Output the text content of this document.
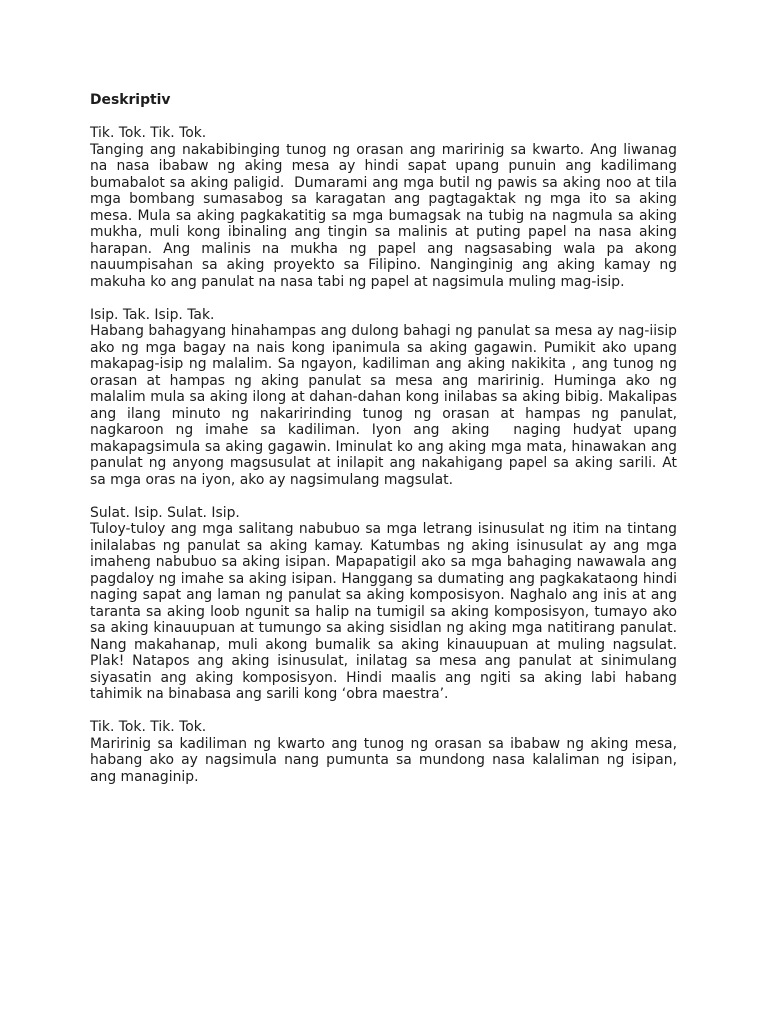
Deskriptiv
Tik. Tok. Tik. Tok.
Tanging ang nakabibinging tunog ng orasan ang maririnig sa kwarto. Ang liwanag na nasa ibabaw ng aking mesa ay hindi sapat upang punuin ang kadilimang bumabalot sa aking paligid.  Dumarami ang mga butil ng pawis sa aking noo at tila mga bombang sumasabog sa karagatan ang pagtagaktak ng mga ito sa aking mesa. Mula sa aking pagkakatitig sa mga bumagsak na tubig na nagmula sa aking mukha, muli kong ibinaling ang tingin sa malinis at puting papel na nasa aking harapan. Ang malinis na mukha ng papel ang nagsasabing wala pa akong nauumpisahan sa aking proyekto sa Filipino. Nanginginig ang aking kamay ng makuha ko ang panulat na nasa tabi ng papel at nagsimula muling mag-isip.
Isip. Tak. Isip. Tak.
Habang bahagyang hinahampas ang dulong bahagi ng panulat sa mesa ay nag-iisip ako ng mga bagay na nais kong ipanimula sa aking gagawin. Pumikit ako upang makapag-isip ng malalim. Sa ngayon, kadiliman ang aking nakikita , ang tunog ng orasan at hampas ng aking panulat sa mesa ang maririnig. Huminga ako ng malalim mula sa aking ilong at dahan-dahan kong inilabas sa aking bibig. Makalipas ang ilang minuto ng nakaririnding tunog ng orasan at hampas ng panulat, nagkaroon ng imahe sa kadiliman. Iyon ang aking  naging hudyat upang makapagsimula sa aking gagawin. Iminulat ko ang aking mga mata, hinawakan ang panulat ng anyong magsusulat at inilapit ang nakahigang papel sa aking sarili. At sa mga oras na iyon, ako ay nagsimulang magsulat.
Sulat. Isip. Sulat. Isip.
Tuloy-tuloy ang mga salitang nabubuo sa mga letrang isinusulat ng itim na tintang inilalabas ng panulat sa aking kamay. Katumbas ng aking isinusulat ay ang mga imaheng nabubuo sa aking isipan. Mapapatigil ako sa mga bahaging nawawala ang pagdaloy ng imahe sa aking isipan. Hanggang sa dumating ang pagkakataong hindi naging sapat ang laman ng panulat sa aking komposisyon. Naghalo ang inis at ang taranta sa aking loob ngunit sa halip na tumigil sa aking komposisyon, tumayo ako sa aking kinauupuan at tumungo sa aking sisidlan ng aking mga natitirang panulat. Nang makahanap, muli akong bumalik sa aking kinauupuan at muling nagsulat. Plak! Natapos ang aking isinusulat, inilatag sa mesa ang panulat at sinimulang siyasatin ang aking komposisyon. Hindi maalis ang ngiti sa aking labi habang tahimik na binabasa ang sarili kong ‘obra maestra’.
Tik. Tok. Tik. Tok.
Maririnig sa kadiliman ng kwarto ang tunog ng orasan sa ibabaw ng aking mesa, habang ako ay nagsimula nang pumunta sa mundong nasa kalaliman ng isipan, ang managinip.
